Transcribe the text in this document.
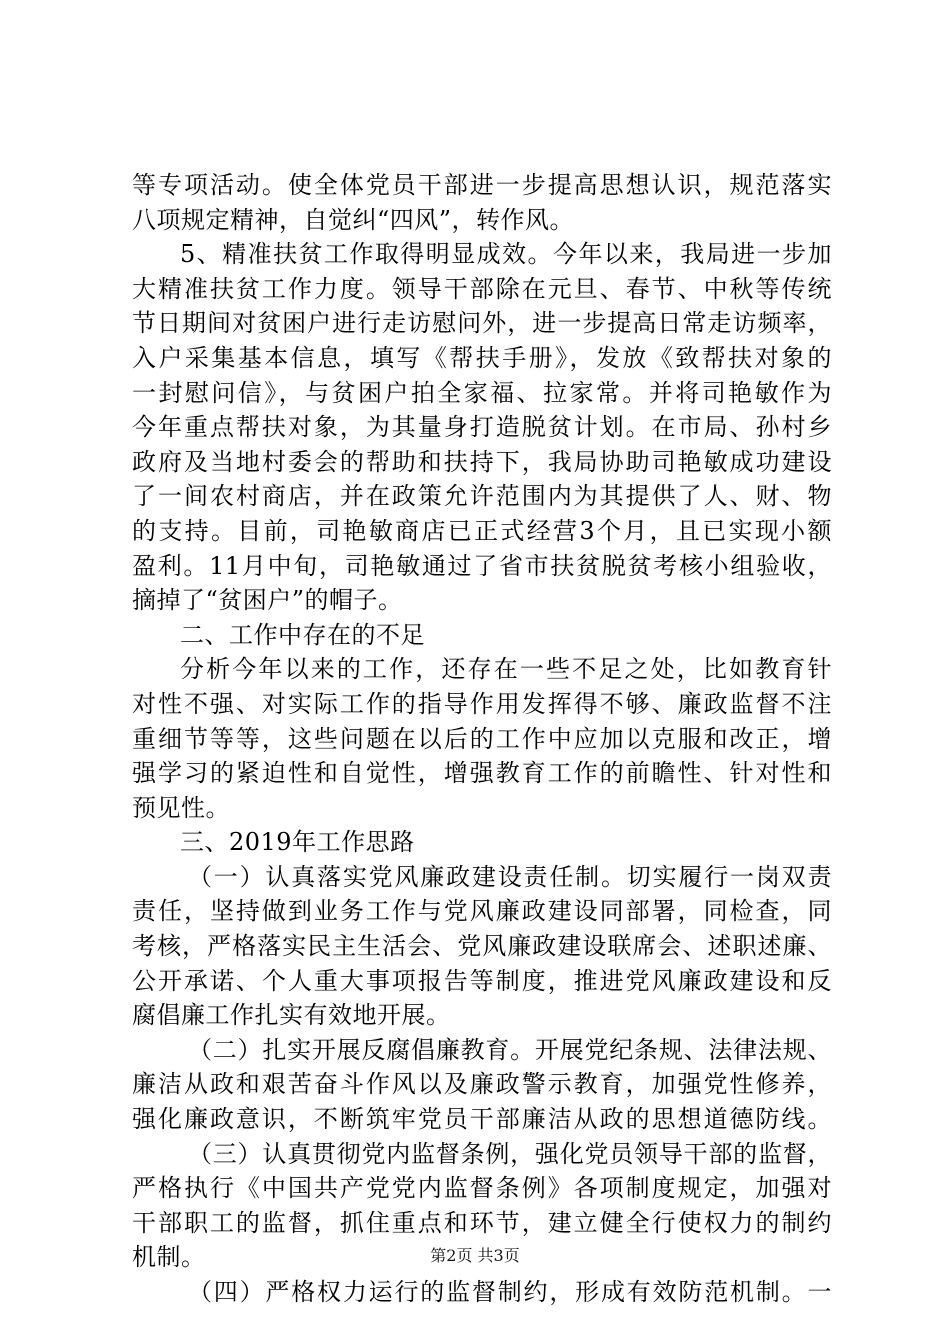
等专项活动。使全体党员干部进一步提高思想认识，规范落实
八项规定精神，自觉纠“四风”，转作风。
5、精准扶贫工作取得明显成效。今年以来，我局进一步加
大精准扶贫工作力度。领导干部除在元旦、春节、中秋等传统
节日期间对贫困户进行走访慰问外，进一步提高日常走访频率，
入户采集基本信息，填写《帮扶手册》，发放《致帮扶对象的
一封慰问信》，与贫困户拍全家福、拉家常。并将司艳敏作为
今年重点帮扶对象，为其量身打造脱贫计划。在市局、孙村乡
政府及当地村委会的帮助和扶持下，我局协助司艳敏成功建设
了一间农村商店，并在政策允许范围内为其提供了人、财、物
的支持。目前，司艳敏商店已正式经营3个月，且已实现小额
盈利。11月中旬，司艳敏通过了省市扶贫脱贫考核小组验收，
摘掉了“贫困户”的帽子。
二、工作中存在的不足
分析今年以来的工作，还存在一些不足之处，比如教育针
对性不强、对实际工作的指导作用发挥得不够、廉政监督不注
重细节等等，这些问题在以后的工作中应加以克服和改正，增
强学习的紧迫性和自觉性，增强教育工作的前瞻性、针对性和
预见性。
三、2019年工作思路
（一）认真落实党风廉政建设责任制。切实履行一岗双责
责任，坚持做到业务工作与党风廉政建设同部署，同检查，同
考核，严格落实民主生活会、党风廉政建设联席会、述职述廉、
公开承诺、个人重大事项报告等制度，推进党风廉政建设和反
腐倡廉工作扎实有效地开展。
（二）扎实开展反腐倡廉教育。开展党纪条规、法律法规、
廉洁从政和艰苦奋斗作风以及廉政警示教育，加强党性修养，
强化廉政意识，不断筑牢党员干部廉洁从政的思想道德防线。
（三）认真贯彻党内监督条例，强化党员领导干部的监督，
严格执行《中国共产党党内监督条例》各项制度规定，加强对
干部职工的监督，抓住重点和环节，建立健全行使权力的制约
机制。
（四）严格权力运行的监督制约，形成有效防范机制。一
第2页 共3页
